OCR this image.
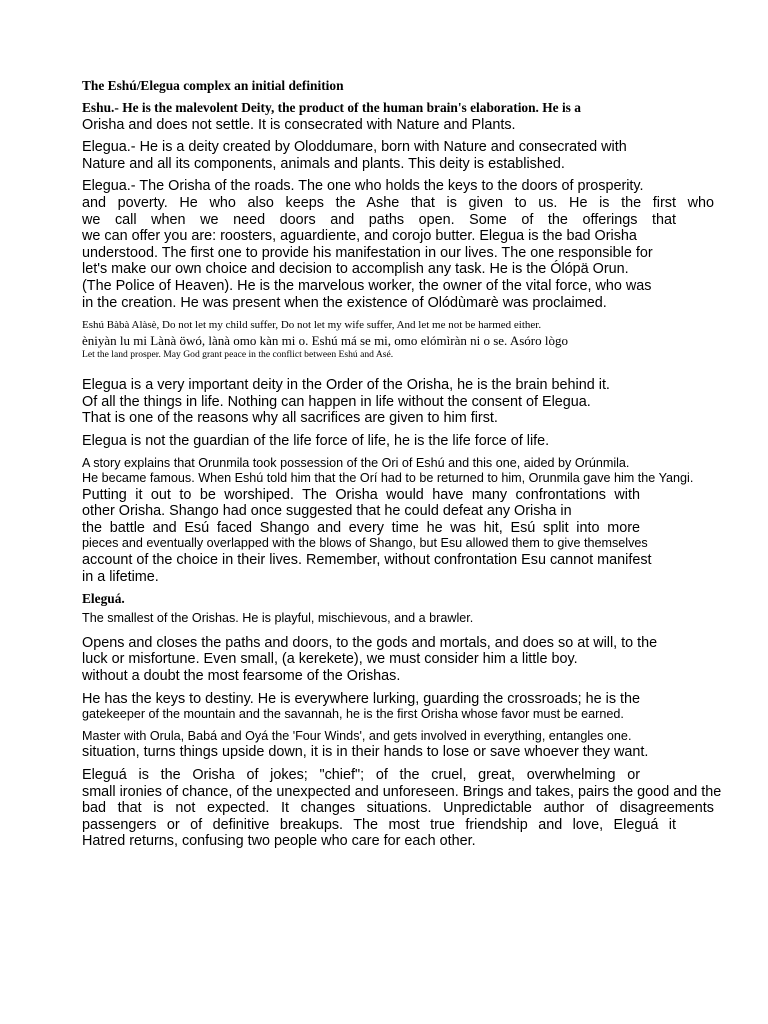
The Eshú/Elegua complex an initial definition
Eshu.- He is the malevolent Deity, the product of the human brain's elaboration. He is a
Orisha and does not settle. It is consecrated with Nature and Plants.
Elegua.- He is a deity created by Oloddumare, born with Nature and consecrated with
Nature and all its components, animals and plants. This deity is established.
Elegua.- The Orisha of the roads. The one who holds the keys to the doors of prosperity.
and poverty. He who also keeps the Ashe that is given to us. He is the first who
we call when we need doors and paths open. Some of the offerings that
we can offer you are: roosters, aguardiente, and corojo butter. Elegua is the bad Orisha
understood. The first one to provide his manifestation in our lives. The one responsible for
let's make our own choice and decision to accomplish any task. He is the Ólópä Orun.
(The Police of Heaven). He is the marvelous worker, the owner of the vital force, who was
in the creation. He was present when the existence of Olódùmarè was proclaimed.
Eshú Bàbà Alàsè, Do not let my child suffer, Do not let my wife suffer, And let me not be harmed either.
èniyàn lu mi Lànà öwó, lànà omo kàn mi o. Eshú má se mi, omo elómìràn ni o se. Asóro lògo
Let the land prosper. May God grant peace in the conflict between Eshú and Asé.
Elegua is a very important deity in the Order of the Orisha, he is the brain behind it.
Of all the things in life. Nothing can happen in life without the consent of Elegua.
That is one of the reasons why all sacrifices are given to him first.
Elegua is not the guardian of the life force of life, he is the life force of life.
A story explains that Orunmila took possession of the Ori of Eshú and this one, aided by Orúnmila.
He became famous. When Eshú told him that the Orí had to be returned to him, Orunmila gave him the Yangi.
Putting it out to be worshiped. The Orisha would have many confrontations with
other Orisha. Shango had once suggested that he could defeat any Orisha in
the battle and Esú faced Shango and every time he was hit, Esú split into more
pieces and eventually overlapped with the blows of Shango, but Esu allowed them to give themselves
account of the choice in their lives. Remember, without confrontation Esu cannot manifest
in a lifetime.
Eleguá.
The smallest of the Orishas. He is playful, mischievous, and a brawler.
Opens and closes the paths and doors, to the gods and mortals, and does so at will, to the
luck or misfortune. Even small, (a kerekete), we must consider him a little boy.
without a doubt the most fearsome of the Orishas.
He has the keys to destiny. He is everywhere lurking, guarding the crossroads; he is the
gatekeeper of the mountain and the savannah, he is the first Orisha whose favor must be earned.
Master with Orula, Babá and Oyá the 'Four Winds', and gets involved in everything, entangles one.
situation, turns things upside down, it is in their hands to lose or save whoever they want.
Eleguá is the Orisha of jokes; "chief"; of the cruel, great, overwhelming or
small ironies of chance, of the unexpected and unforeseen. Brings and takes, pairs the good and the
bad that is not expected. It changes situations. Unpredictable author of disagreements
passengers or of definitive breakups. The most true friendship and love, Eleguá it
Hatred returns, confusing two people who care for each other.
